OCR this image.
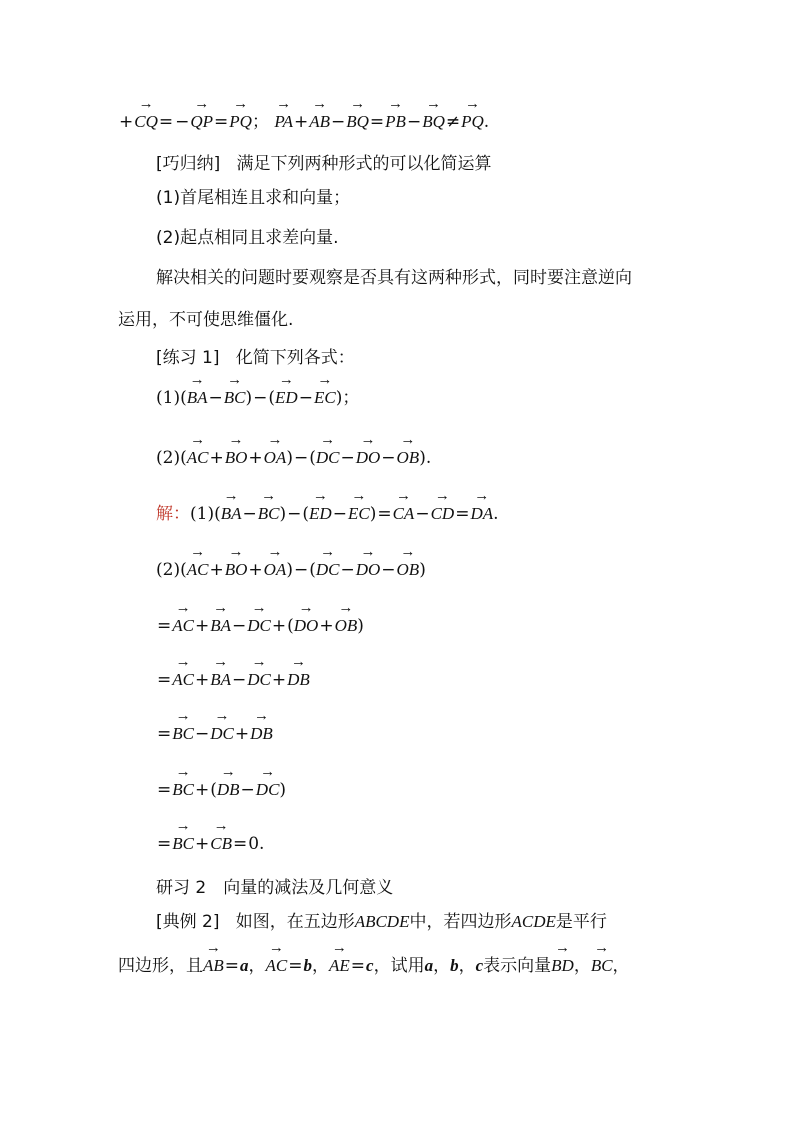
+→ CQ= −→ QP=→ PQ； → PA+→ AB−→ BQ=→ PB−→ BQ≠→ PQ.
[巧归纳] 满足下列两种形式的可以化简运算
(1)首尾相连且求和向量；
(2)起点相同且求差向量.
解决相关的问题时要观察是否具有这两种形式，同时要注意逆向
运用，不可使思维僵化.
[练习 1] 化简下列各式：
(1)(→ BA−→ BC)−(→ ED−→ EC)；
(2)(→ AC+→ BO+→ OA)−(→ DC−→ DO−→ OB).
解：(1)(→ BA−→ BC)−(→ ED−→ EC)=→ CA−→ CD=→ DA.
(2)(→ AC+→ BO+→ OA)−(→ DC−→ DO−→ OB)
=→ AC+→ BA−→ DC+(→ DO+→ OB)
=→ AC+→ BA−→ DC+→ DB
=→ BC−→ DC+→ DB
=→ BC+(→ DB−→ DC)
=→ BC+→ CB=0.
研习 2　向量的减法及几何意义
[典例 2] 如图，在五边形ABCDE中，若四边形ACDE是平行
四边形，且→ AB=a，→ AC=b，→ AE=c，试用a，b，c表示向量→ BD，→ BC，
